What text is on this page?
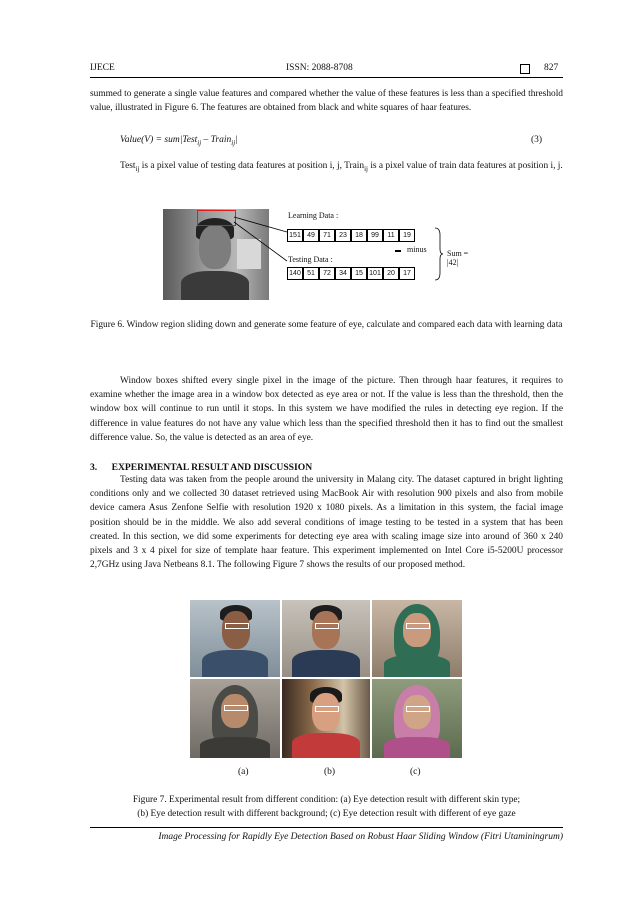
IJECE	ISSN: 2088-8708	827

summed to generate a single value features and compared whether the value of these features is less than a specified threshold value, illustrated in Figure 6. The features are obtained from black and white squares of haar features.

Value(V) = sum|Test$_{ij}$ – Train$_{ij}$|	(3)

Test$_{ij}$ is a pixel value of testing data features at position i, j, Train$_{ij}$ is a pixel value of train data features at position i, j.

Learning Data :
151 49	71	23	18	99	11	19
Testing Data :
140 51	72	34	15 101 20	17
minus	Sum = |42|

Figure 6. Window region sliding down and generate some feature of eye, calculate and compared each data with learning data

Window boxes shifted every single pixel in the image of the picture. Then through haar features, it requires to examine whether the image area in a window box detected as eye area or not. If the value is less than the threshold, then the window box will continue to run until it stops. In this system we have modified the rules in detecting eye region. If the difference in value features do not have any value which less than the specified threshold then it has to find out the smallest difference value. So, the value is detected as an area of eye.

3.      EXPERIMENTAL RESULT AND DISCUSSION

Testing data was taken from the people around the university in Malang city. The dataset captured in bright lighting conditions only and we collected 30 dataset retrieved using MacBook Air with resolution 900 pixels and also from mobile device camera Asus Zenfone Selfie with resolution 1920 x 1080 pixels. As a limitation in this system, the facial image position should be in the middle. We also add several conditions of image testing to be tested in a system that has been created. In this section, we did some experiments for detecting eye area with scaling image size into around of 360 x 240 pixels and 3 x 4 pixel for size of template haar feature. This experiment implemented on Intel Core i5-5200U processor 2,7GHz using Java Netbeans 8.1. The following Figure 7 shows the results of our proposed method.

(a)	(b)	(c)

Figure 7. Experimental result from different condition: (a) Eye detection result with different skin type;

(b) Eye detection result with different background; (c) Eye detection result with different of eye gaze

Image Processing for Rapidly Eye Detection Based on Robust Haar Sliding Window (Fitri Utaminingrum)
